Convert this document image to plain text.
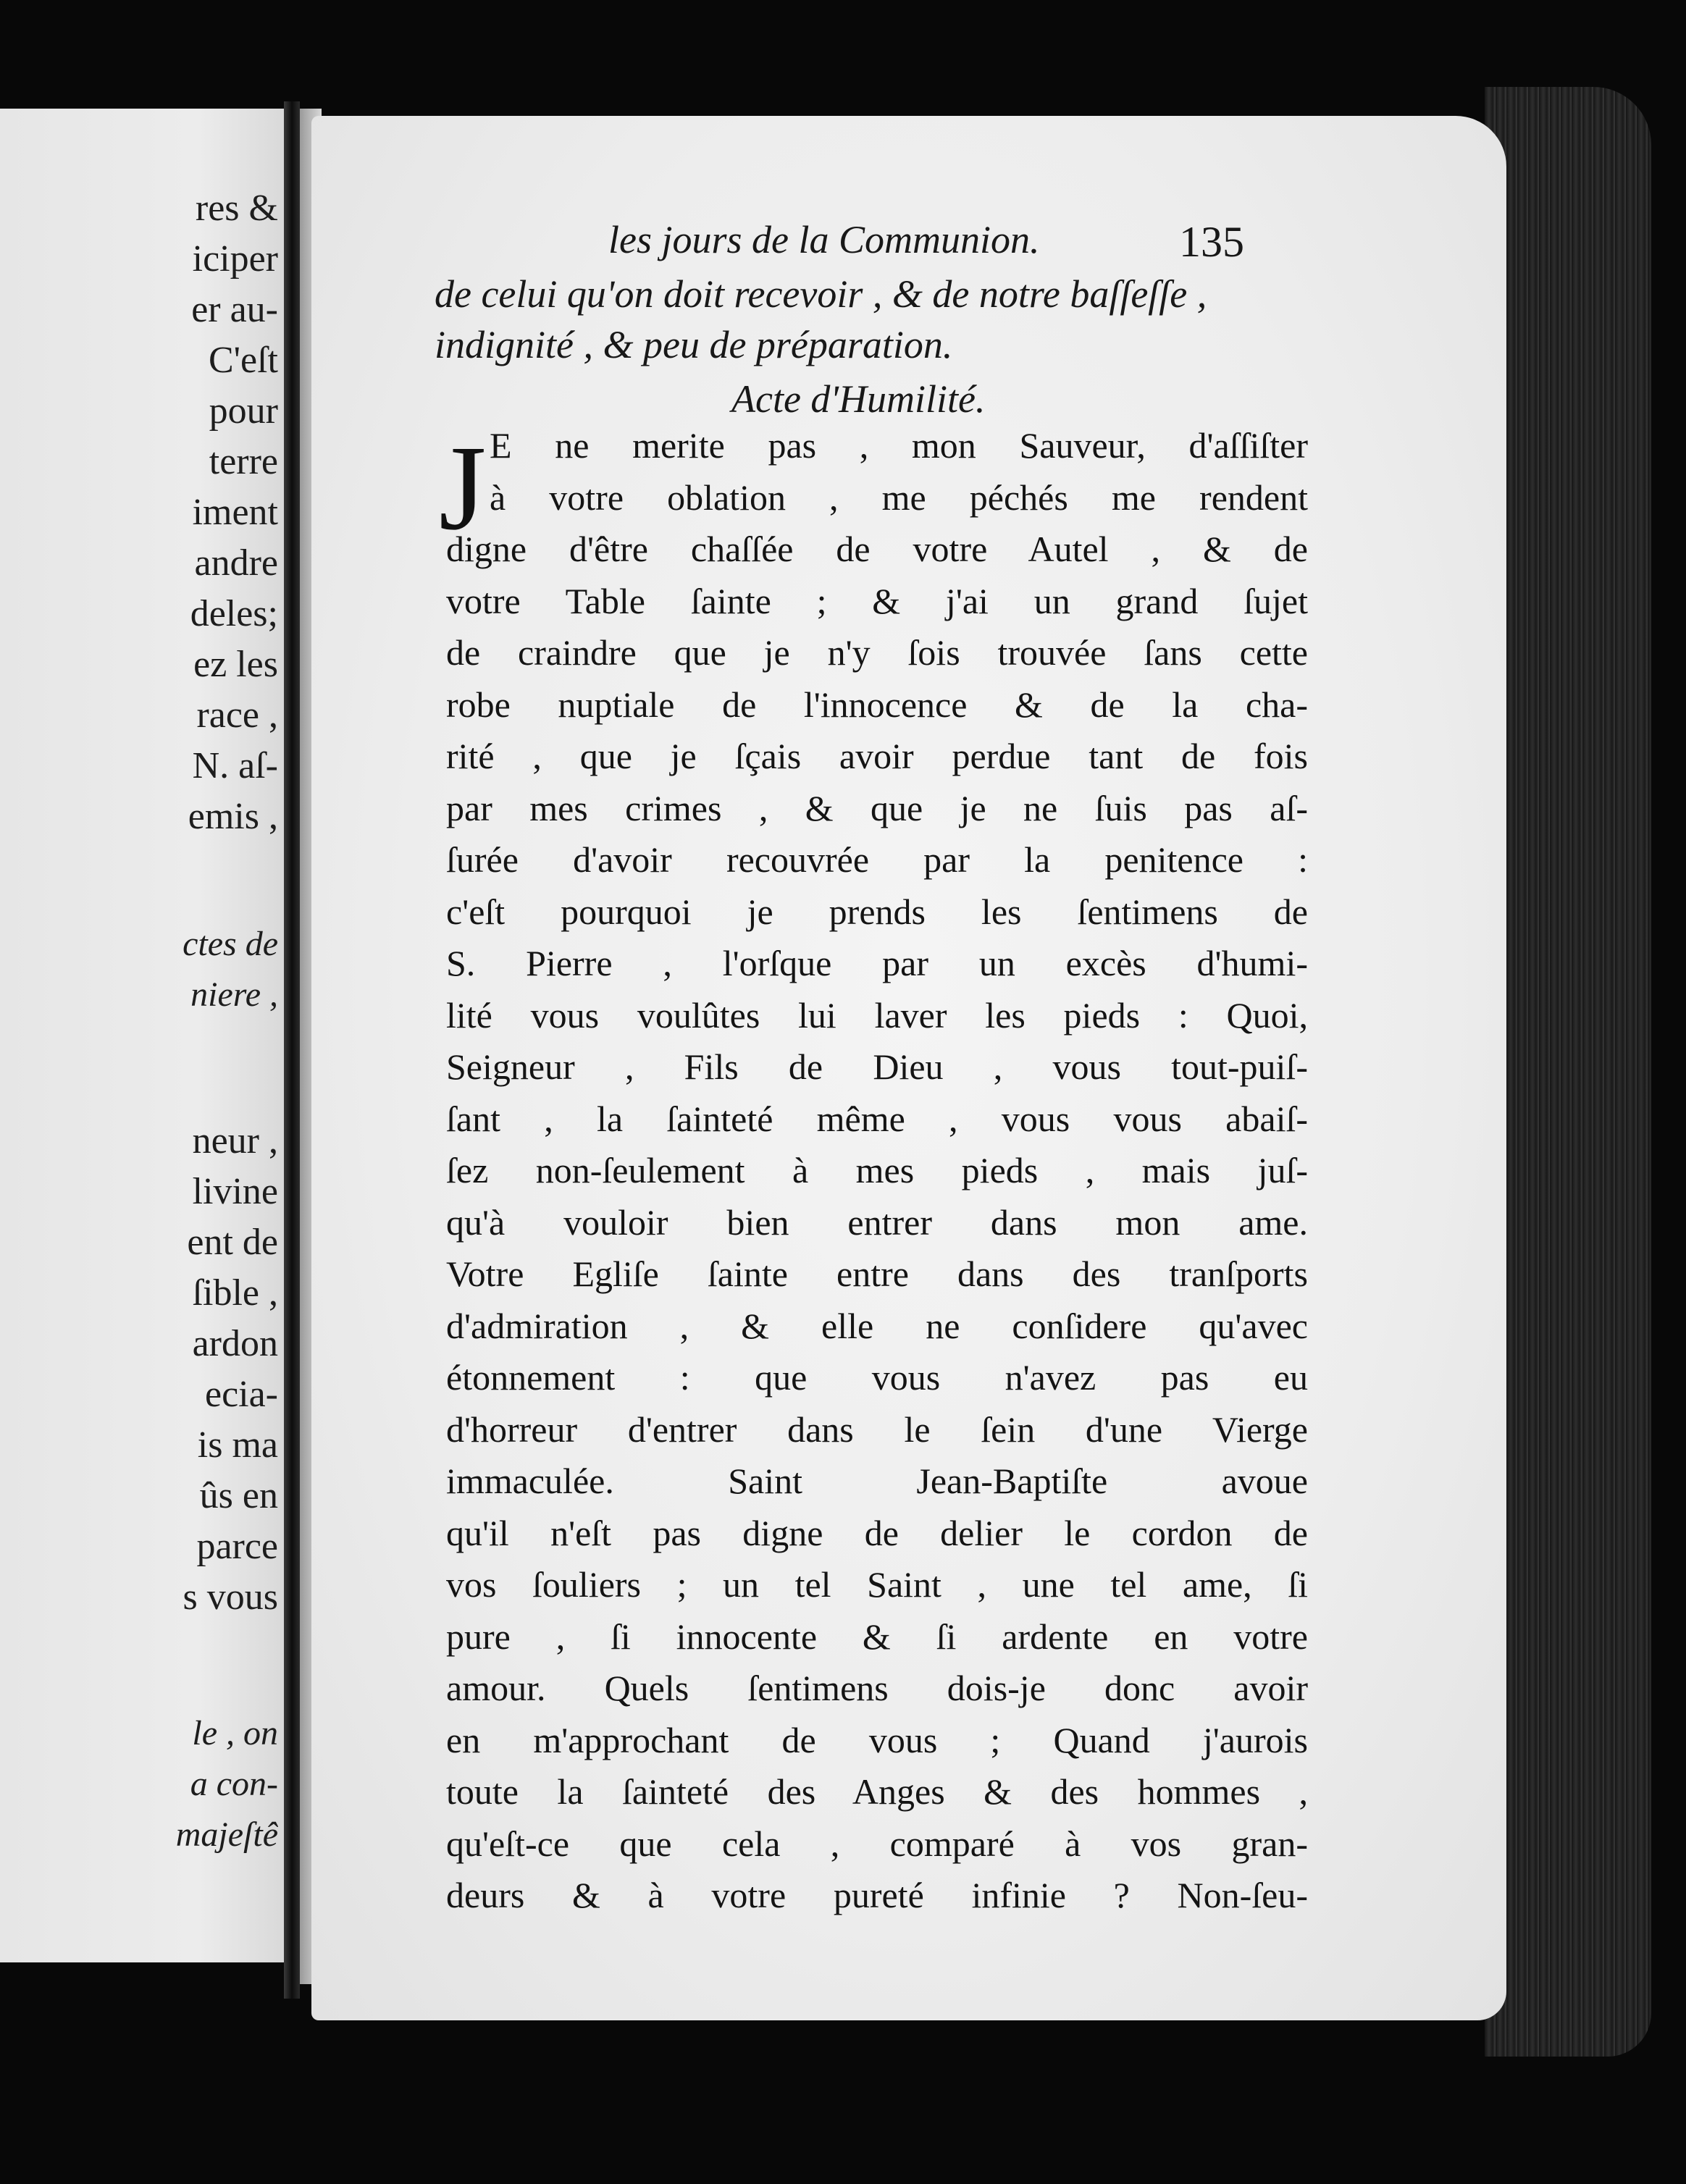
res &

iciper

er au-

C'eſt

pour

terre

iment

andre

deles;

ez les

race ,

N. aſ-

emis ,

ctes de

niere ,

neur ,

livine

ent de

ſible ,

ardon

ecia-

is ma

ûs en

parce

s vous

le , on

a con-

majeſtê

les jours de la Communion.	135

de celui qu'on doit recevoir , & de notre baſſeſſe ,

indignité , & peu de préparation.

Acte d'Humilité.

J E ne merite pas , mon Sauveur, d'aſſiſter

à votre oblation , me péchés me rendent

digne d'être chaſſée de votre Autel , & de

votre Table ſainte ; & j'ai un grand ſujet

de craindre que je n'y ſois trouvée ſans cette

robe nuptiale de l'innocence & de la cha-

rité , que je ſçais avoir perdue tant de fois

par mes crimes , & que je ne ſuis pas aſ-

ſurée d'avoir recouvrée par la penitence :

c'eſt pourquoi je prends les ſentimens de

S. Pierre , l'orſque par un excès d'humi-

lité vous voulûtes lui laver les pieds : Quoi,

Seigneur , Fils de Dieu , vous tout-puiſ-

ſant , la ſainteté même , vous vous abaiſ-

ſez non-ſeulement à mes pieds , mais juſ-

qu'à vouloir bien entrer dans mon ame.

Votre Egliſe ſainte entre dans des tranſports

d'admiration , & elle ne conſidere qu'avec

étonnement : que vous n'avez pas eu

d'horreur d'entrer dans le ſein d'une Vierge

immaculée. Saint Jean-Baptiſte avoue

qu'il n'eſt pas digne de delier le cordon de

vos ſouliers ; un tel Saint , une tel ame, ſi

pure , ſi innocente & ſi ardente en votre

amour. Quels ſentimens dois-je donc avoir

en m'approchant de vous ; Quand j'aurois

toute la ſainteté des Anges & des hommes ,

qu'eſt-ce que cela , comparé à vos gran-

deurs & à votre pureté infinie ? Non-ſeu-
